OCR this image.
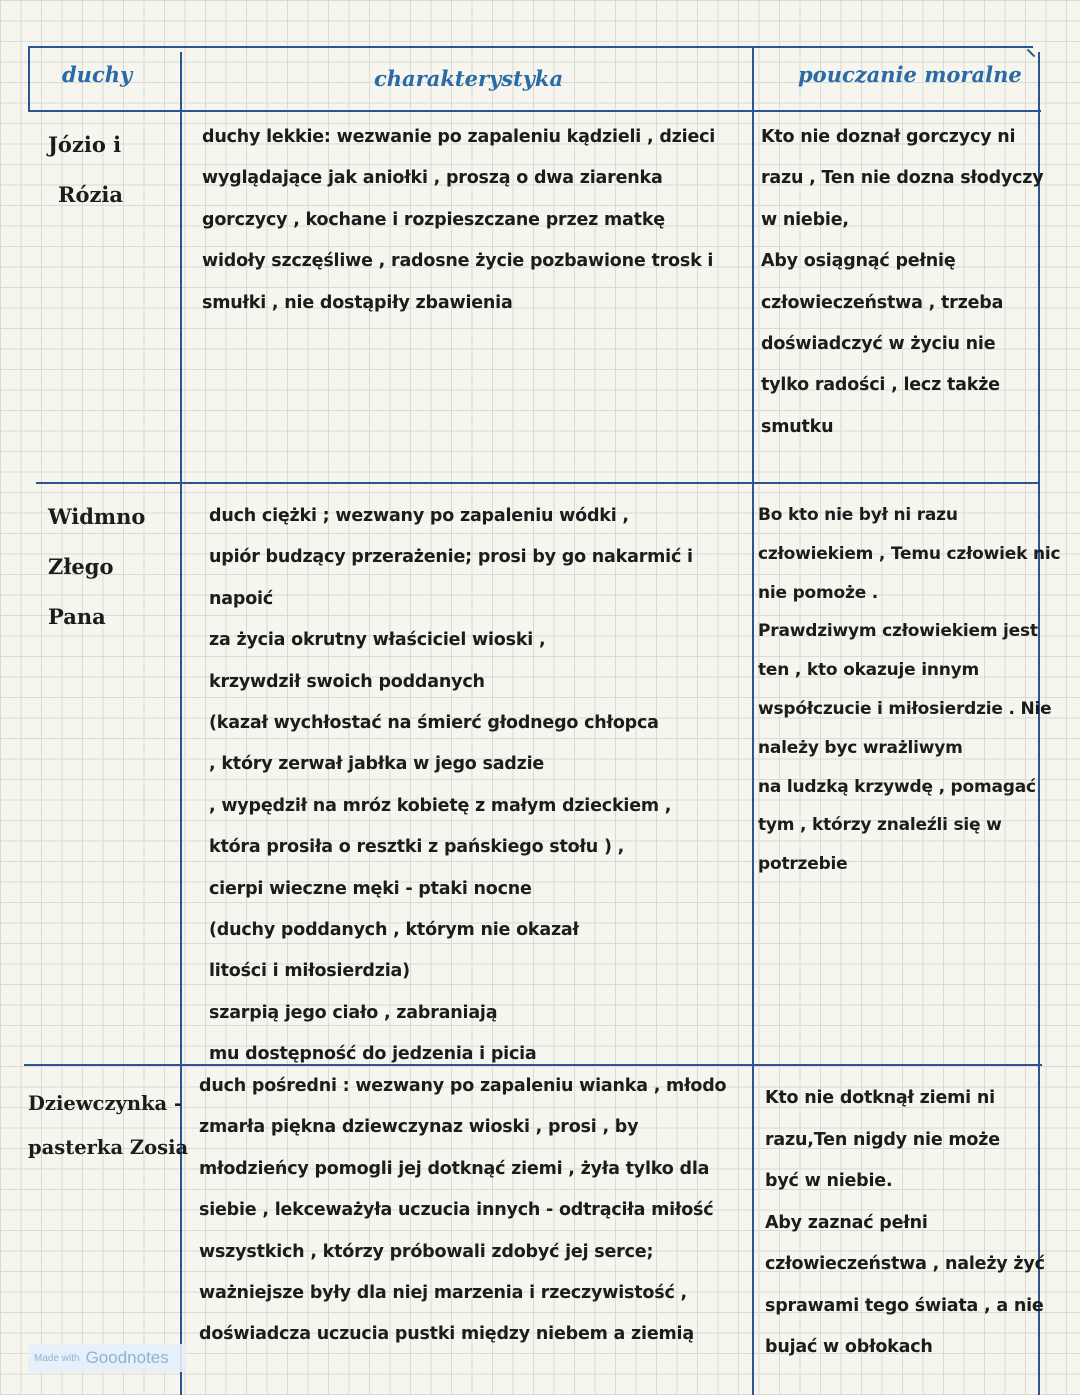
duchy	charakterystyka	pouczanie moralne
Józio i
Rózia
duchy lekkie: wezwanie po zapaleniu kądzieli , dzieci
wyglądające jak aniołki , proszą o dwa ziarenka
gorczycy , kochane i rozpieszczane przez matkę
widoły szczęśliwe , radosne życie pozbawione trosk i
smułki , nie dostąpiły zbawienia
Kto nie doznał gorczycy ni
razu , Ten nie dozna słodyczy
w niebie,
Aby osiągnąć pełnię
człowieczeństwa , trzeba
doświadczyć w życiu nie
tylko radości , lecz także
smutku
Widmno
Złego
Pana
duch ciężki ; wezwany po zapaleniu wódki ,
upiór budzący przerażenie; prosi by go nakarmić i
napoić
za życia okrutny właściciel wioski ,
krzywdził swoich poddanych
(kazał wychłostać na śmierć głodnego chłopca
, który zerwał jabłka w jego sadzie
, wypędził na mróz kobietę z małym dzieckiem ,
która prosiła o resztki z pańskiego stołu ) ,
cierpi wieczne męki - ptaki nocne
(duchy poddanych , którym nie okazał
litości i miłosierdzia)
szarpią jego ciało , zabraniają
mu dostępność do jedzenia i picia
Bo kto nie był ni razu
człowiekiem , Temu człowiek nic
nie pomoże .
Prawdziwym człowiekiem jest
ten , kto okazuje innym
współczucie i miłosierdzie . Nie
należy byc wrażliwym
na ludzką krzywdę , pomagać
tym , którzy znaleźli się w
potrzebie
Dziewczynka -
pasterka Zosia
duch pośredni : wezwany po zapaleniu wianka , młodo
zmarła piękna dziewczynaz wioski , prosi , by
młodzieńcy pomogli jej dotknąć ziemi , żyła tylko dla
siebie , lekceważyła uczucia innych - odtrąciła miłość
wszystkich , którzy próbowali zdobyć jej serce;
ważniejsze były dla niej marzenia i rzeczywistość ,
doświadcza uczucia pustki między niebem a ziemią
Kto nie dotknął ziemi ni
razu,Ten nigdy nie może
być w niebie.
Aby zaznać pełni
człowieczeństwa , należy żyć
sprawami tego świata , a nie
bujać w obłokach
Made with Goodnotes
